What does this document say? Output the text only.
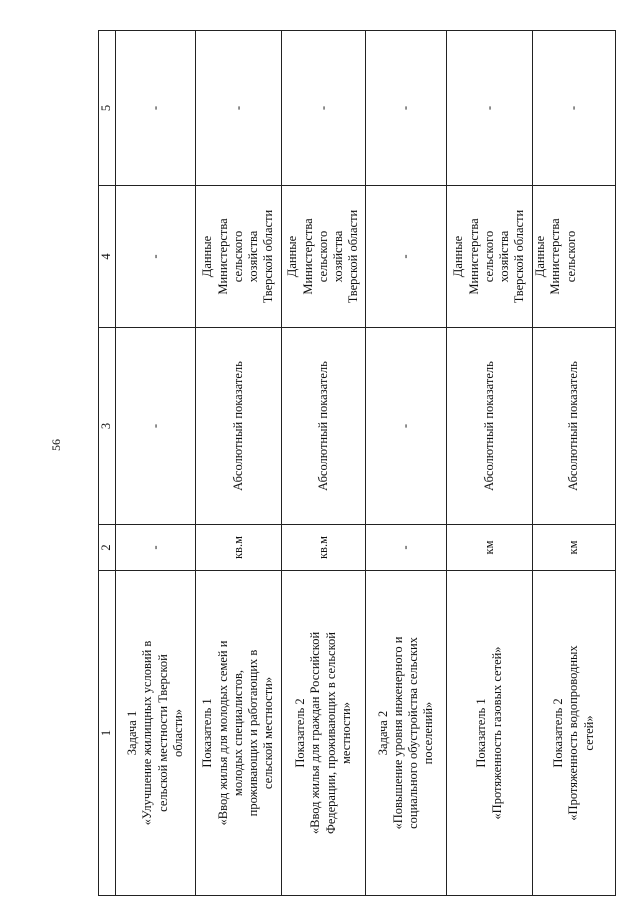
56
1	2	3	4	5

Задача 1 «Улучшение жилищных условий в сельской местности Тверской области»	-	-	-	-

Показатель 1 «Ввод жилья для молодых семей и молодых специалистов, проживающих и работающих в сельской местности»	кв.м	Абсолютный показатель	Данные Министерства сельского хозяйства Тверской области	-

Показатель 2 «Ввод жилья для граждан Российской Федерации, проживающих в сельской местности»	кв.м	Абсолютный показатель	Данные Министерства сельского хозяйства Тверской области	-

Задача 2 «Повышение уровня инженерного и социального обустройства сельских поселений»	-	-	-	-

Показатель 1 «Протяженность газовых сетей»	км	Абсолютный показатель	Данные Министерства сельского хозяйства Тверской области	-

Показатель 2 «Протяженность водопроводных сетей»	км	Абсолютный показатель	Данные Министерства сельского	-
